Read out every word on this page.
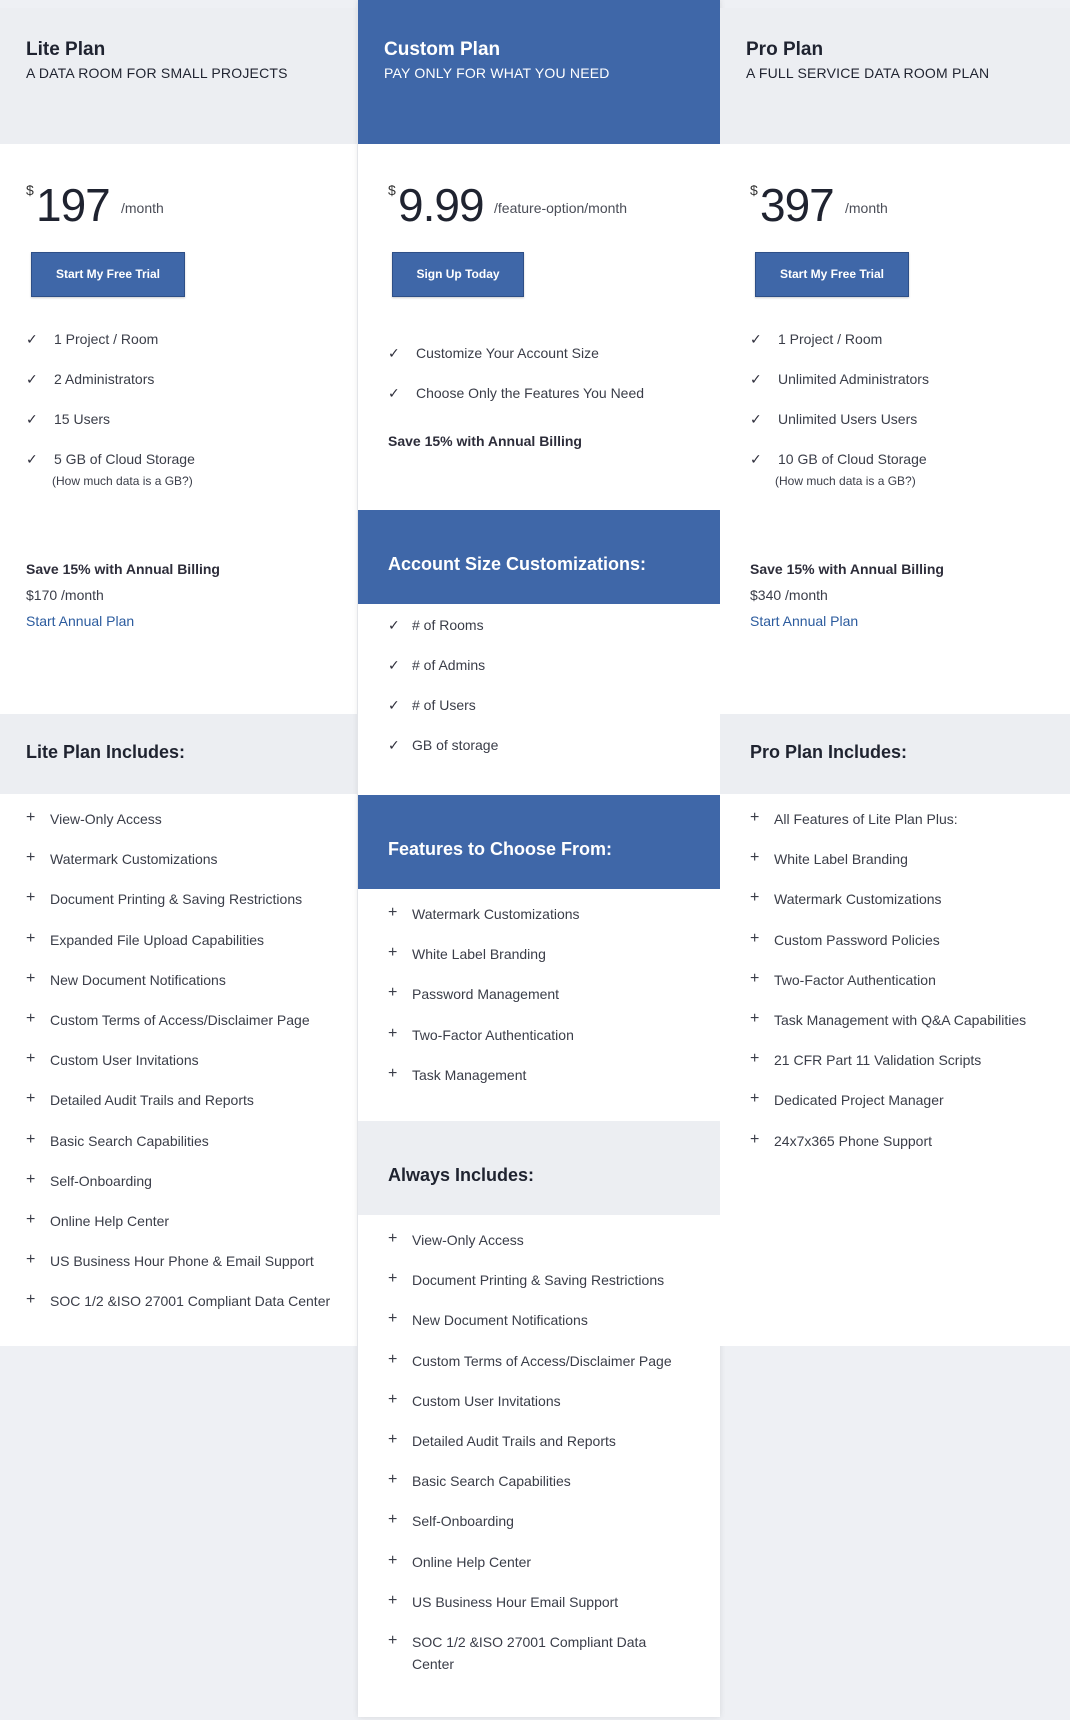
Lite Plan
A DATA ROOM FOR SMALL PROJECTS
$ 197 /month
Start My Free Trial
✓ 1 Project / Room
✓ 2 Administrators
✓ 15 Users
✓ 5 GB of Cloud Storage
(How much data is a GB?)
Save 15% with Annual Billing
$170 /month
Start Annual Plan
Lite Plan Includes:
+ View-Only Access
+ Watermark Customizations
+ Document Printing & Saving Restrictions
+ Expanded File Upload Capabilities
+ New Document Notifications
+ Custom Terms of Access/Disclaimer Page
+ Custom User Invitations
+ Detailed Audit Trails and Reports
+ Basic Search Capabilities
+ Self-Onboarding
+ Online Help Center
+ US Business Hour Phone & Email Support
+ SOC 1/2 &ISO 27001 Compliant Data Center
Custom Plan
PAY ONLY FOR WHAT YOU NEED
$ 9.99 /feature-option/month
Sign Up Today
✓ Customize Your Account Size
✓ Choose Only the Features You Need
Save 15% with Annual Billing
Account Size Customizations:
✓ # of Rooms
✓ # of Admins
✓ # of Users
✓ GB of storage
Features to Choose From:
+ Watermark Customizations
+ White Label Branding
+ Password Management
+ Two-Factor Authentication
+ Task Management
Always Includes:
+ View-Only Access
+ Document Printing & Saving Restrictions
+ New Document Notifications
+ Custom Terms of Access/Disclaimer Page
+ Custom User Invitations
+ Detailed Audit Trails and Reports
+ Basic Search Capabilities
+ Self-Onboarding
+ Online Help Center
+ US Business Hour Email Support
+ SOC 1/2 &ISO 27001 Compliant Data Center
Pro Plan
A FULL SERVICE DATA ROOM PLAN
$ 397 /month
Start My Free Trial
✓ 1 Project / Room
✓ Unlimited Administrators
✓ Unlimited Users Users
✓ 10 GB of Cloud Storage
(How much data is a GB?)
Save 15% with Annual Billing
$340 /month
Start Annual Plan
Pro Plan Includes:
+ All Features of Lite Plan Plus:
+ White Label Branding
+ Watermark Customizations
+ Custom Password Policies
+ Two-Factor Authentication
+ Task Management with Q&A Capabilities
+ 21 CFR Part 11 Validation Scripts
+ Dedicated Project Manager
+ 24x7x365 Phone Support
